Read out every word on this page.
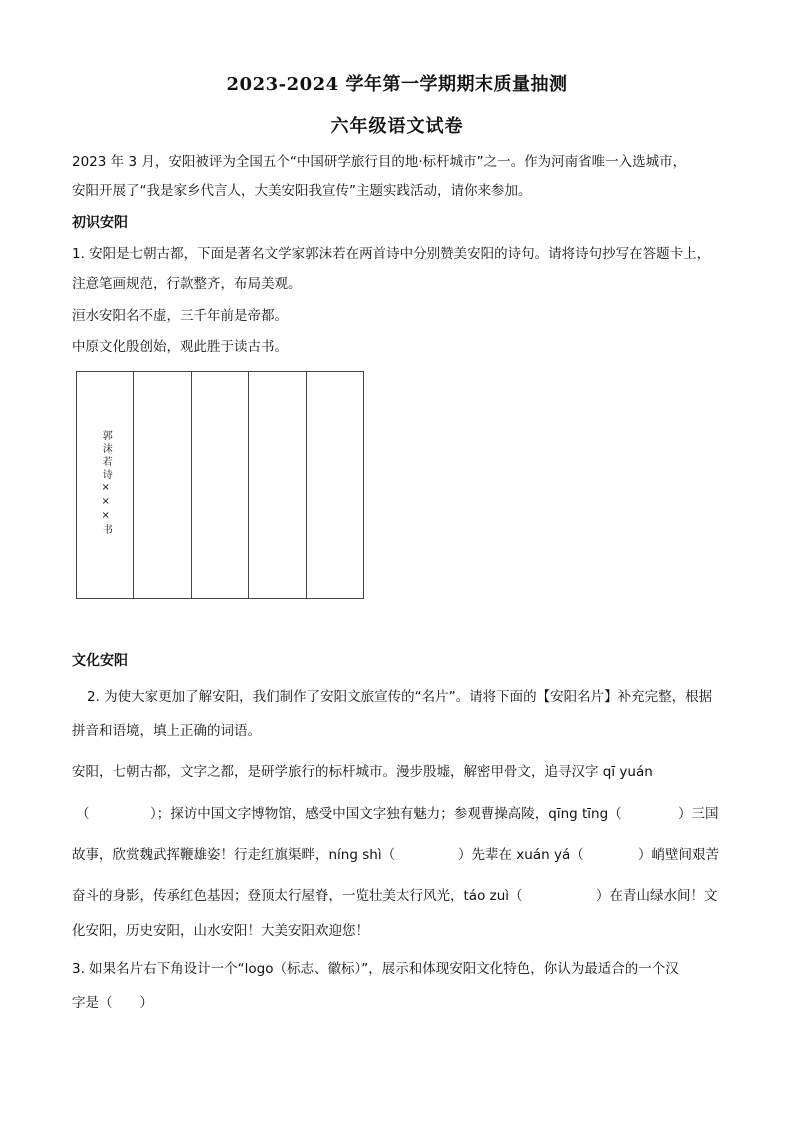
2023-2024 学年第一学期期末质量抽测
六年级语文试卷
2023 年 3 月，安阳被评为全国五个“中国研学旅行目的地·标杆城市”之一。作为河南省唯一入选城市，
安阳开展了“我是家乡代言人，大美安阳我宣传”主题实践活动，请你来参加。
初识安阳
1. 安阳是七朝古都，下面是著名文学家郭沫若在两首诗中分别赞美安阳的诗句。请将诗句抄写在答题卡上，
注意笔画规范，行款整齐，布局美观。
洹水安阳名不虚，三千年前是帝都。
中原文化殷创始，观此胜于读古书。
郭沫若诗×××书
文化安阳
2. 为使大家更加了解安阳，我们制作了安阳文旅宣传的“名片”。请将下面的【安阳名片】补充完整，根据
拼音和语境，填上正确的词语。
安阳，七朝古都，文字之都，是研学旅行的标杆城市。漫步殷墟，解密甲骨文，追寻汉字 qī yuán
（	）；探访中国文字博物馆，感受中国文字独有魅力；参观曹操高陵，qīng tīng（	）三国
故事，欣赏魏武挥鞭雄姿！行走红旗渠畔，níng shì（	）先辈在 xuán yá（	）峭壁间艰苦
奋斗的身影，传承红色基因；登顶太行屋脊，一览壮美太行风光，táo zuì（	）在青山绿水间！文
化安阳，历史安阳，山水安阳！大美安阳欢迎您！
3. 如果名片右下角设计一个“logo（标志、徽标）”，展示和体现安阳文化特色，你认为最适合的一个汉
字是（　　）
